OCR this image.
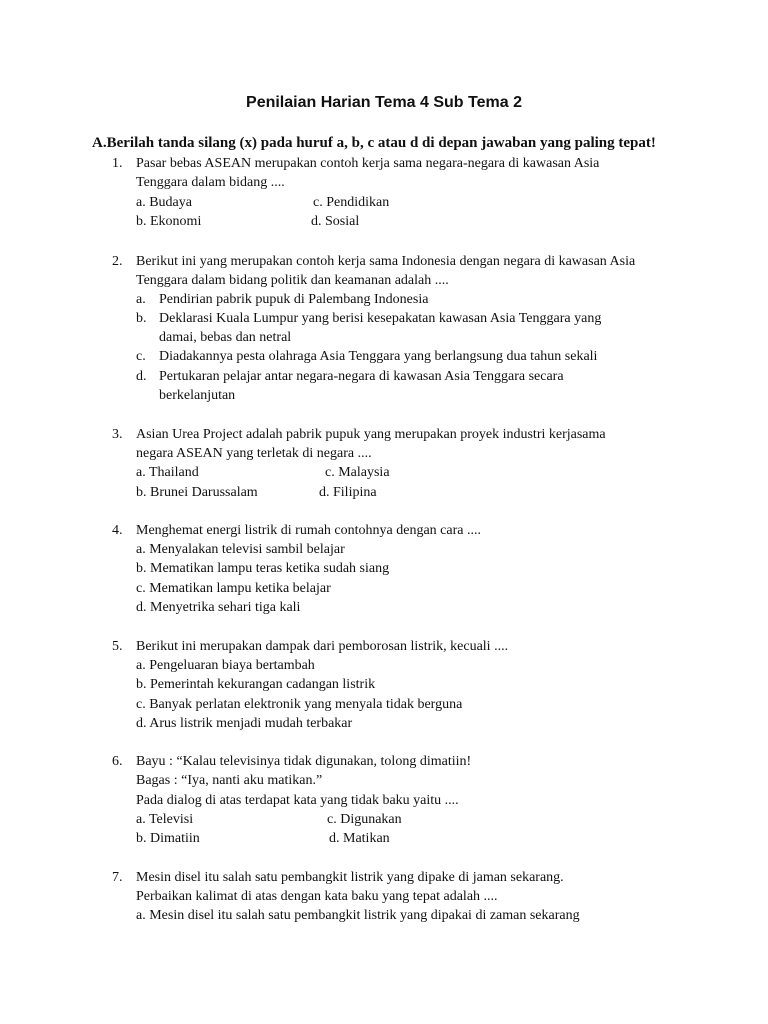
Penilaian Harian Tema 4 Sub Tema 2
A.Berilah tanda silang (x) pada huruf a, b, c atau d di depan jawaban yang paling tepat!
1. Pasar bebas ASEAN merupakan contoh kerja sama negara-negara di kawasan Asia
Tenggara dalam bidang ....
a. Budaya	c. Pendidikan
b. Ekonomi	d. Sosial
2. Berikut ini yang merupakan contoh kerja sama Indonesia dengan negara di kawasan Asia
Tenggara dalam bidang politik dan keamanan adalah ....
a. Pendirian pabrik pupuk di Palembang Indonesia
b. Deklarasi Kuala Lumpur yang berisi kesepakatan kawasan Asia Tenggara yang
damai, bebas dan netral
c. Diadakannya pesta olahraga Asia Tenggara yang berlangsung dua tahun sekali
d. Pertukaran pelajar antar negara-negara di kawasan Asia Tenggara secara
berkelanjutan
3. Asian Urea Project adalah pabrik pupuk yang merupakan proyek industri kerjasama
negara ASEAN yang terletak di negara ....
a. Thailand	c. Malaysia
b. Brunei Darussalam	d. Filipina
4. Menghemat energi listrik di rumah contohnya dengan cara ....
a. Menyalakan televisi sambil belajar
b. Mematikan lampu teras ketika sudah siang
c. Mematikan lampu ketika belajar
d. Menyetrika sehari tiga kali
5. Berikut ini merupakan dampak dari pemborosan listrik, kecuali ....
a. Pengeluaran biaya bertambah
b. Pemerintah kekurangan cadangan listrik
c. Banyak perlatan elektronik yang menyala tidak berguna
d. Arus listrik menjadi mudah terbakar
6. Bayu : “Kalau televisinya tidak digunakan, tolong dimatiin!
Bagas : “Iya, nanti aku matikan.”
Pada dialog di atas terdapat kata yang tidak baku yaitu ....
a. Televisi	c. Digunakan
b. Dimatiin	d. Matikan
7. Mesin disel itu salah satu pembangkit listrik yang dipake di jaman sekarang.
Perbaikan kalimat di atas dengan kata baku yang tepat adalah ....
a. Mesin disel itu salah satu pembangkit listrik yang dipakai di zaman sekarang
